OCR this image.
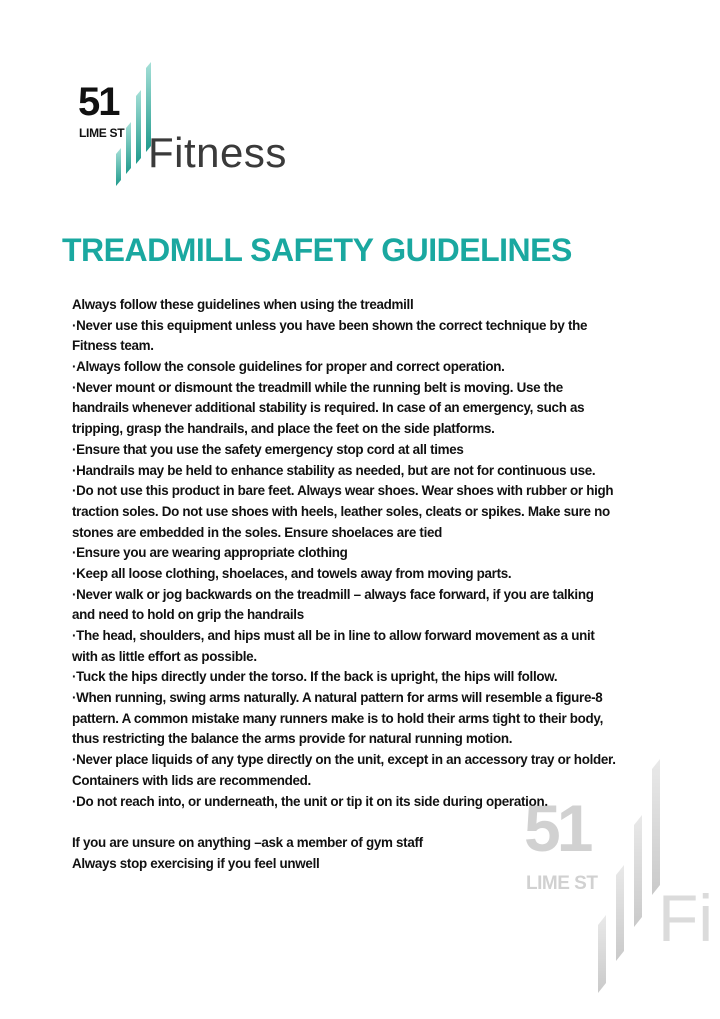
51
LIME ST Fitness
TREADMILL SAFETY GUIDELINES
Always follow these guidelines when using the treadmill
·Never use this equipment unless you have been shown the correct technique by the
Fitness team.
·Always follow the console guidelines for proper and correct operation.
·Never mount or dismount the treadmill while the running belt is moving. Use the
handrails whenever additional stability is required. In case of an emergency, such as
tripping, grasp the handrails, and place the feet on the side platforms.
·Ensure that you use the safety emergency stop cord at all times
·Handrails may be held to enhance stability as needed, but are not for continuous use.
·Do not use this product in bare feet. Always wear shoes. Wear shoes with rubber or high
traction soles. Do not use shoes with heels, leather soles, cleats or spikes. Make sure no
stones are embedded in the soles. Ensure shoelaces are tied
·Ensure you are wearing appropriate clothing
·Keep all loose clothing, shoelaces, and towels away from moving parts.
·Never walk or jog backwards on the treadmill – always face forward, if you are talking
and need to hold on grip the handrails
·The head, shoulders, and hips must all be in line to allow forward movement as a unit
with as little effort as possible.
·Tuck the hips directly under the torso. If the back is upright, the hips will follow.
·When running, swing arms naturally. A natural pattern for arms will resemble a figure-8
pattern. A common mistake many runners make is to hold their arms tight to their body,
thus restricting the balance the arms provide for natural running motion.
·Never place liquids of any type directly on the unit, except in an accessory tray or holder.
Containers with lids are recommended.
·Do not reach into, or underneath, the unit or tip it on its side during operation.
If you are unsure on anything –ask a member of gym staff
Always stop exercising if you feel unwell	51
LIME ST Fi
